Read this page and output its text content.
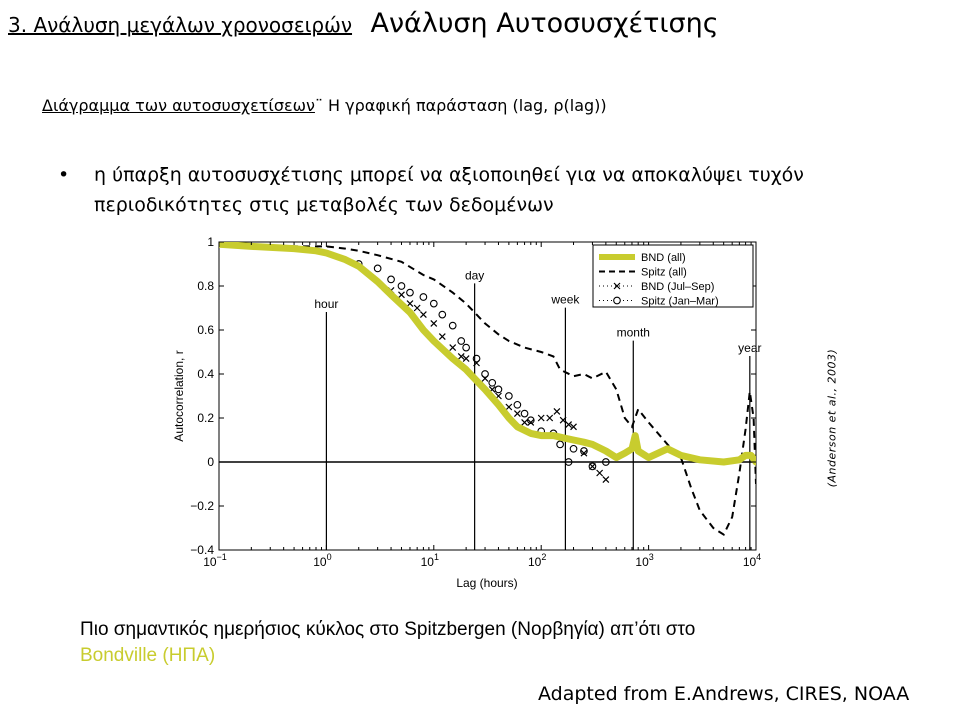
3. Ανάλυση μεγάλων χρονοσειρών Ανάλυση Αυτοσυσχέτισης
Διάγραμμα των αυτοσυσχετίσεων¨ Η γραφική παράσταση (lag, ρ(lag))
• η ύπαρξη αυτοσυσχέτισης μπορεί να αξιοποιηθεί για να αποκαλύψει τυχόν περιοδικότητες στις μεταβολές των δεδομένων
hour
day
week
month
year
$10^{-1}$	$10^0$	$10^1$	$10^2$	$10^3$	$10^4$
−0.4
−0.2
0
0.2
0.4
0.6
0.8
1
Lag (hours)
Autocorrelation, r
BND (all)
Spitz (all)
BND (Jul–Sep)
Spitz (Jan–Mar)
(Anderson et al., 2003)
Πιο σημαντικός ημερήσιος κύκλος στο Spitzbergen (Νορβηγία) απ’ότι στο
Bondville (ΗΠΑ)
Adapted from E.Andrews, CIRES, NOAA
